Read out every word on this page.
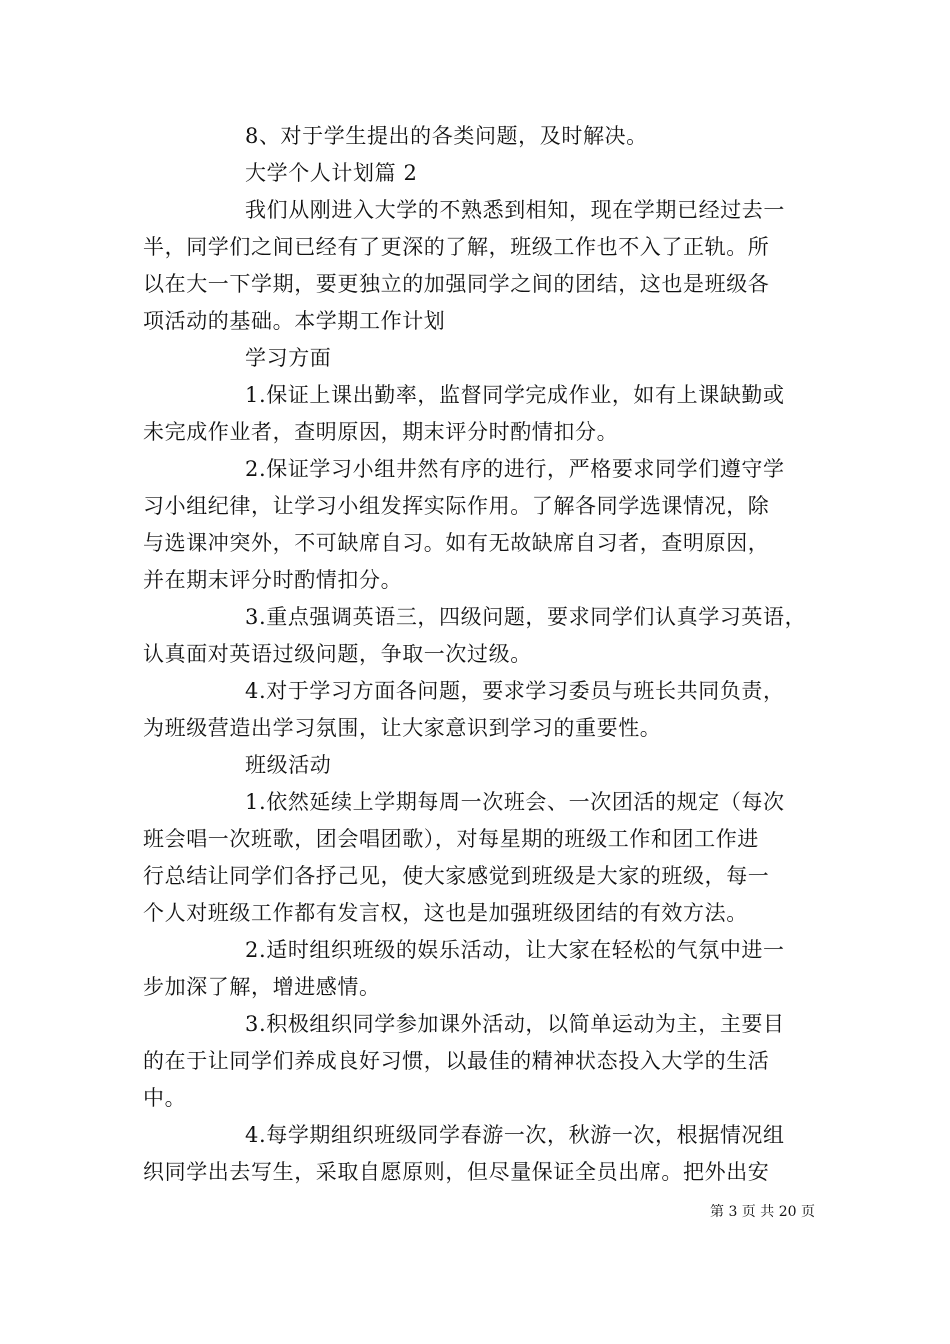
8、对于学生提出的各类问题，及时解决。
大学个人计划篇 2
我们从刚进入大学的不熟悉到相知，现在学期已经过去一
半，同学们之间已经有了更深的了解，班级工作也不入了正轨。所
以在大一下学期，要更独立的加强同学之间的团结，这也是班级各
项活动的基础。本学期工作计划
学习方面
1.保证上课出勤率，监督同学完成作业，如有上课缺勤或
未完成作业者，查明原因，期末评分时酌情扣分。
2.保证学习小组井然有序的进行，严格要求同学们遵守学
习小组纪律，让学习小组发挥实际作用。了解各同学选课情况，除
与选课冲突外，不可缺席自习。如有无故缺席自习者，查明原因，
并在期末评分时酌情扣分。
3.重点强调英语三，四级问题，要求同学们认真学习英语，
认真面对英语过级问题，争取一次过级。
4.对于学习方面各问题，要求学习委员与班长共同负责，
为班级营造出学习氛围，让大家意识到学习的重要性。
班级活动
1.依然延续上学期每周一次班会、一次团活的规定（每次
班会唱一次班歌，团会唱团歌），对每星期的班级工作和团工作进
行总结让同学们各抒己见，使大家感觉到班级是大家的班级，每一
个人对班级工作都有发言权，这也是加强班级团结的有效方法。
2.适时组织班级的娱乐活动，让大家在轻松的气氛中进一
步加深了解，增进感情。
3.积极组织同学参加课外活动，以简单运动为主，主要目
的在于让同学们养成良好习惯，以最佳的精神状态投入大学的生活
中。
4.每学期组织班级同学春游一次，秋游一次，根据情况组
织同学出去写生，采取自愿原则，但尽量保证全员出席。把外出安
第 3 页 共 20 页
